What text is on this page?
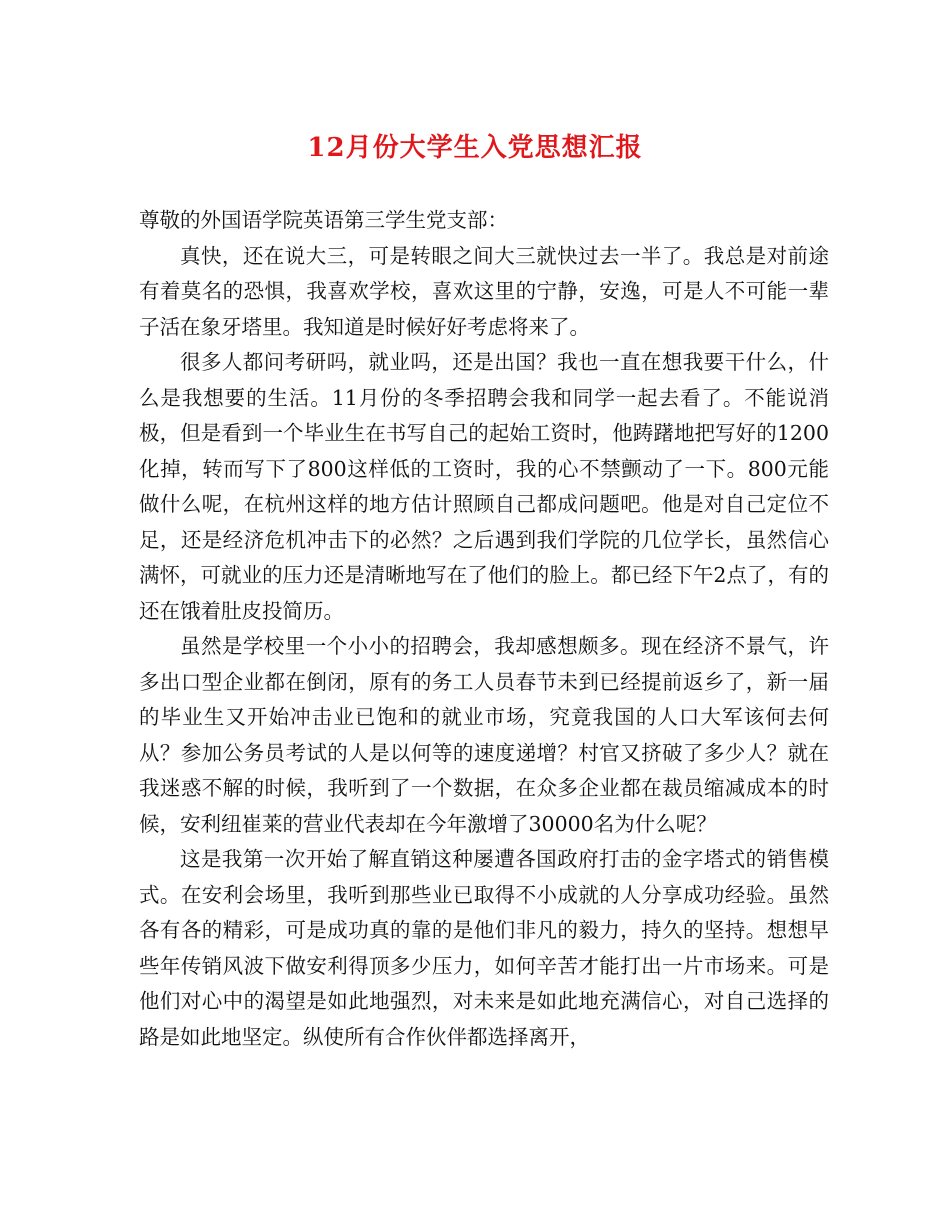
12月份大学生入党思想汇报

尊敬的外国语学院英语第三学生党支部：

真快，还在说大三，可是转眼之间大三就快过去一半了。我总是对前途有着莫名的恐惧，我喜欢学校，喜欢这里的宁静，安逸，可是人不可能一辈子活在象牙塔里。我知道是时候好好考虑将来了。

很多人都问考研吗，就业吗，还是出国？我也一直在想我要干什么，什么是我想要的生活。11月份的冬季招聘会我和同学一起去看了。不能说消极，但是看到一个毕业生在书写自己的起始工资时，他踌躇地把写好的1200化掉，转而写下了800这样低的工资时，我的心不禁颤动了一下。800元能做什么呢，在杭州这样的地方估计照顾自己都成问题吧。他是对自己定位不足，还是经济危机冲击下的必然？之后遇到我们学院的几位学长，虽然信心满怀，可就业的压力还是清晰地写在了他们的脸上。都已经下午2点了，有的还在饿着肚皮投简历。

虽然是学校里一个小小的招聘会，我却感想颇多。现在经济不景气，许多出口型企业都在倒闭，原有的务工人员春节未到已经提前返乡了，新一届的毕业生又开始冲击业已饱和的就业市场，究竟我国的人口大军该何去何从？参加公务员考试的人是以何等的速度递增？村官又挤破了多少人？就在我迷惑不解的时候，我听到了一个数据，在众多企业都在裁员缩减成本的时候，安利纽崔莱的营业代表却在今年激增了30000名为什么呢？

这是我第一次开始了解直销这种屡遭各国政府打击的金字塔式的销售模式。在安利会场里，我听到那些业已取得不小成就的人分享成功经验。虽然各有各的精彩，可是成功真的靠的是他们非凡的毅力，持久的坚持。想想早些年传销风波下做安利得顶多少压力，如何辛苦才能打出一片市场来。可是他们对心中的渴望是如此地强烈，对未来是如此地充满信心，对自己选择的路是如此地坚定。纵使所有合作伙伴都选择离开，
